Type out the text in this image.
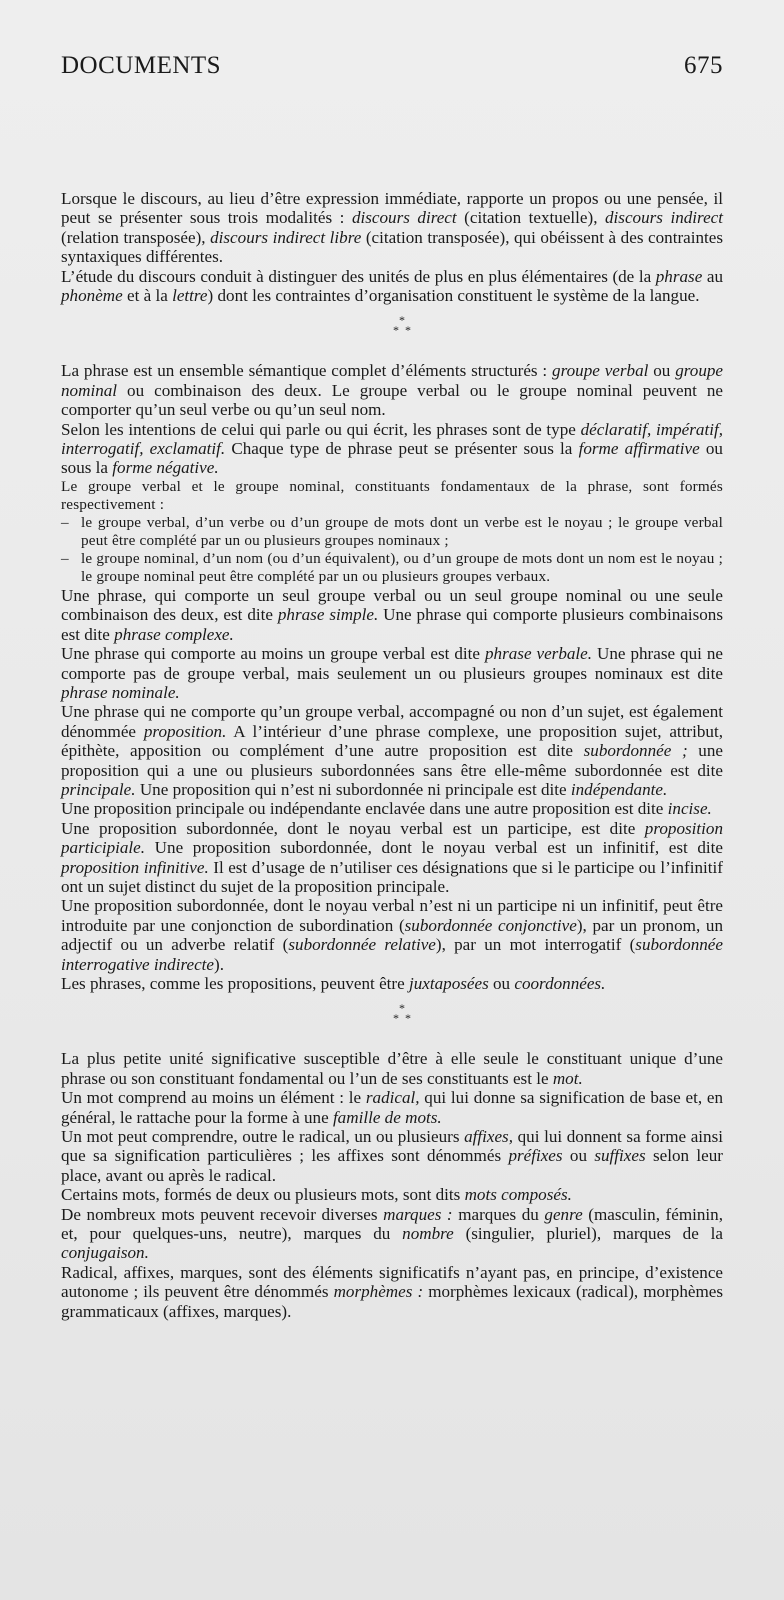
DOCUMENTS	675

Lorsque le discours, au lieu d’être expression immédiate, rapporte un propos ou une pensée, il peut se présenter sous trois modalités : discours direct (citation textuelle), discours indirect (relation transposée), discours indirect libre (citation transposée), qui obéissent à des contraintes syntaxiques différentes.

L’étude du discours conduit à distinguer des unités de plus en plus élémentaires (de la phrase au phonème et à la lettre) dont les contraintes d’organisation constituent le système de la langue.

*
* *

La phrase est un ensemble sémantique complet d’éléments structurés : groupe verbal ou groupe nominal ou combinaison des deux. Le groupe verbal ou le groupe nominal peuvent ne comporter qu’un seul verbe ou qu’un seul nom.

Selon les intentions de celui qui parle ou qui écrit, les phrases sont de type déclaratif, impératif, interrogatif, exclamatif. Chaque type de phrase peut se présenter sous la forme affirmative ou sous la forme négative.

Le groupe verbal et le groupe nominal, constituants fondamentaux de la phrase, sont formés respectivement :

– le groupe verbal, d’un verbe ou d’un groupe de mots dont un verbe est le noyau ; le groupe verbal peut être complété par un ou plusieurs groupes nominaux ;
– le groupe nominal, d’un nom (ou d’un équivalent), ou d’un groupe de mots dont un nom est le noyau ; le groupe nominal peut être complété par un ou plusieurs groupes verbaux.

Une phrase, qui comporte un seul groupe verbal ou un seul groupe nominal ou une seule combinaison des deux, est dite phrase simple. Une phrase qui comporte plusieurs combinaisons est dite phrase complexe.

Une phrase qui comporte au moins un groupe verbal est dite phrase verbale. Une phrase qui ne comporte pas de groupe verbal, mais seulement un ou plusieurs groupes nominaux est dite phrase nominale.

Une phrase qui ne comporte qu’un groupe verbal, accompagné ou non d’un sujet, est également dénommée proposition. A l’intérieur d’une phrase complexe, une proposition sujet, attribut, épithète, apposition ou complément d’une autre proposition est dite subordonnée ; une proposition qui a une ou plusieurs subordonnées sans être elle-même subordonnée est dite principale. Une proposition qui n’est ni subordonnée ni principale est dite indépendante.

Une proposition principale ou indépendante enclavée dans une autre proposition est dite incise.

Une proposition subordonnée, dont le noyau verbal est un participe, est dite proposition participiale. Une proposition subordonnée, dont le noyau verbal est un infinitif, est dite proposition infinitive. Il est d’usage de n’utiliser ces désignations que si le participe ou l’infinitif ont un sujet distinct du sujet de la proposition principale.

Une proposition subordonnée, dont le noyau verbal n’est ni un participe ni un infinitif, peut être introduite par une conjonction de subordination (subordonnée conjonctive), par un pronom, un adjectif ou un adverbe relatif (subordonnée relative), par un mot interrogatif (subordonnée interrogative indirecte).

Les phrases, comme les propositions, peuvent être juxtaposées ou coordonnées.

*
* *

La plus petite unité significative susceptible d’être à elle seule le constituant unique d’une phrase ou son constituant fondamental ou l’un de ses constituants est le mot.

Un mot comprend au moins un élément : le radical, qui lui donne sa signification de base et, en général, le rattache pour la forme à une famille de mots.

Un mot peut comprendre, outre le radical, un ou plusieurs affixes, qui lui donnent sa forme ainsi que sa signification particulières ; les affixes sont dénommés préfixes ou suffixes selon leur place, avant ou après le radical.

Certains mots, formés de deux ou plusieurs mots, sont dits mots composés.

De nombreux mots peuvent recevoir diverses marques : marques du genre (masculin, féminin, et, pour quelques-uns, neutre), marques du nombre (singulier, pluriel), marques de la conjugaison.

Radical, affixes, marques, sont des éléments significatifs n’ayant pas, en principe, d’existence autonome ; ils peuvent être dénommés morphèmes : morphèmes lexicaux (radical), morphèmes grammaticaux (affixes, marques).
